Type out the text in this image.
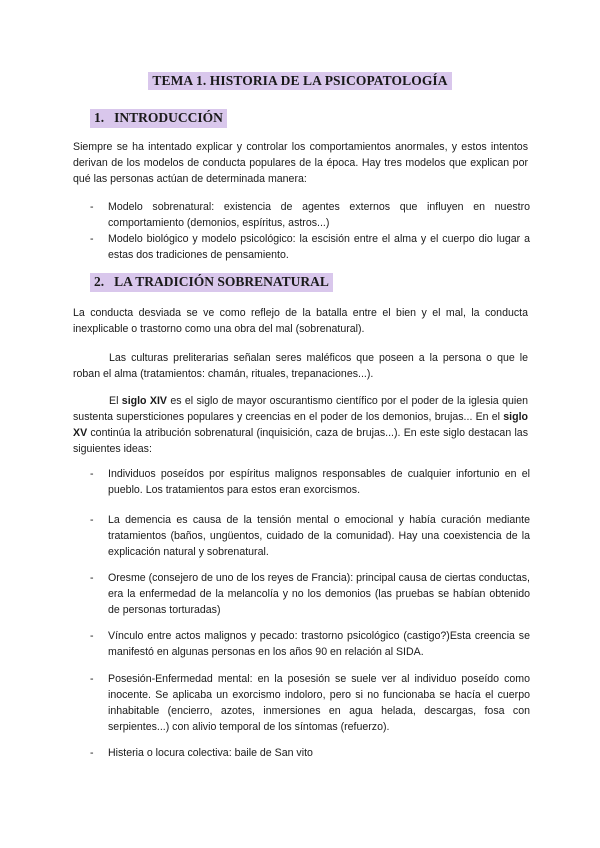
TEMA 1. HISTORIA DE LA PSICOPATOLOGÍA
1. INTRODUCCIÓN

Siempre se ha intentado explicar y controlar los comportamientos anormales, y estos intentos derivan de los modelos de conducta populares de la época. Hay tres modelos que explican por qué las personas actúan de determinada manera:

- Modelo sobrenatural: existencia de agentes externos que influyen en nuestro comportamiento (demonios, espíritus, astros...)
- Modelo biológico y modelo psicológico: la escisión entre el alma y el cuerpo dio lugar a estas dos tradiciones de pensamiento.
2. LA TRADICIÓN SOBRENATURAL

La conducta desviada se ve como reflejo de la batalla entre el bien y el mal, la conducta inexplicable o trastorno como una obra del mal (sobrenatural).

Las culturas preliterarias señalan seres maléficos que poseen a la persona o que le roban el alma (tratamientos: chamán, rituales, trepanaciones...).

El siglo XIV es el siglo de mayor oscurantismo científico por el poder de la iglesia quien sustenta supersticiones populares y creencias en el poder de los demonios, brujas... En el siglo XV continúa la atribución sobrenatural (inquisición, caza de brujas...). En este siglo destacan las siguientes ideas:

- Individuos poseídos por espíritus malignos responsables de cualquier infortunio en el pueblo. Los tratamientos para estos eran exorcismos.
- La demencia es causa de la tensión mental o emocional y había curación mediante tratamientos (baños, ungüentos, cuidado de la comunidad). Hay una coexistencia de la explicación natural y sobrenatural.
- Oresme (consejero de uno de los reyes de Francia): principal causa de ciertas conductas, era la enfermedad de la melancolía y no los demonios (las pruebas se habían obtenido de personas torturadas)
- Vínculo entre actos malignos y pecado: trastorno psicológico (castigo?)Esta creencia se manifestó en algunas personas en los años 90 en relación al SIDA.
- Posesión-Enfermedad mental: en la posesión se suele ver al individuo poseído como inocente. Se aplicaba un exorcismo indoloro, pero si no funcionaba se hacía el cuerpo inhabitable (encierro, azotes, inmersiones en agua helada, descargas, fosa con serpientes...) con alivio temporal de los síntomas (refuerzo).
- Histeria o locura colectiva: baile de San vito
